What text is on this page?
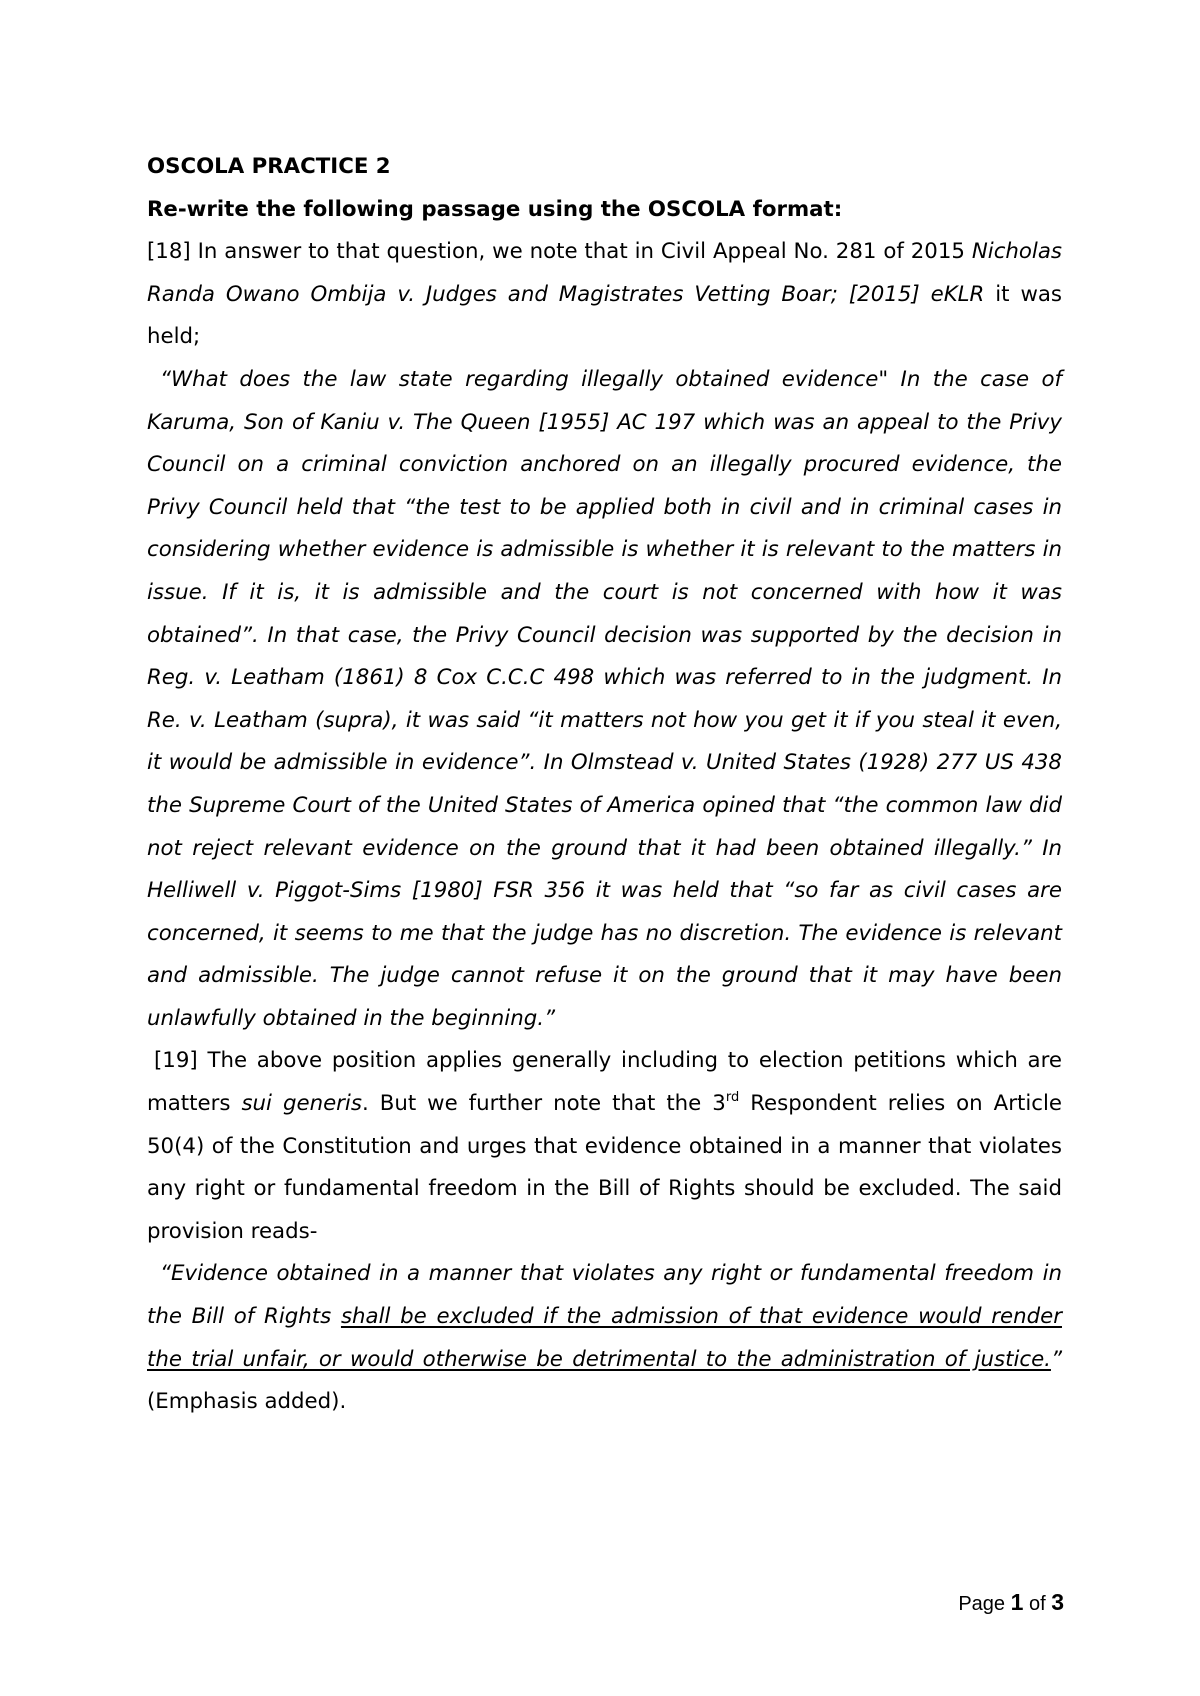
OSCOLA PRACTICE 2

Re-write the following passage using the OSCOLA format:

[18] In answer to that question, we note that in Civil Appeal No. 281 of 2015 Nicholas Randa Owano Ombija v. Judges and Magistrates Vetting Boar; [2015] eKLR it was held;

“What does the law state regarding illegally obtained evidence" In the case of Karuma, Son of Kaniu v. The Queen [1955] AC 197 which was an appeal to the Privy Council on a criminal conviction anchored on an illegally procured evidence, the Privy Council held that “the test to be applied both in civil and in criminal cases in considering whether evidence is admissible is whether it is relevant to the matters in issue. If it is, it is admissible and the court is not concerned with how it was obtained”. In that case, the Privy Council decision was supported by the decision in Reg. v. Leatham (1861) 8 Cox C.C.C 498 which was referred to in the judgment. In Re. v. Leatham (supra), it was said “it matters not how you get it if you steal it even, it would be admissible in evidence”. In Olmstead v. United States (1928) 277 US 438 the Supreme Court of the United States of America opined that “the common law did not reject relevant evidence on the ground that it had been obtained illegally.” In Helliwell v. Piggot-Sims [1980] FSR 356 it was held that “so far as civil cases are concerned, it seems to me that the judge has no discretion. The evidence is relevant and admissible. The judge cannot refuse it on the ground that it may have been unlawfully obtained in the beginning.”

[19] The above position applies generally including to election petitions which are matters sui generis. But we further note that the 3rd Respondent relies on Article 50(4) of the Constitution and urges that evidence obtained in a manner that violates any right or fundamental freedom in the Bill of Rights should be excluded. The said provision reads-

“Evidence obtained in a manner that violates any right or fundamental freedom in the Bill of Rights shall be excluded if the admission of that evidence would render the trial unfair, or would otherwise be detrimental to the administration of justice.” (Emphasis added).

Page 1 of 3
